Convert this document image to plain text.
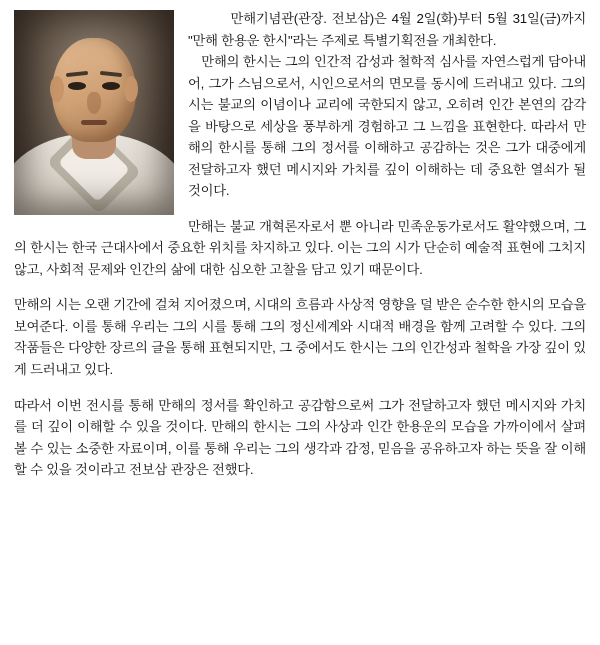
만해기념관(관장. 전보삼)은 4월 2일(화)부터 5월 31일(금)까지 "만해 한용운 한시"라는 주제로 특별기획전을 개최한다.

만해의 한시는 그의 인간적 감성과 철학적 심사를 자연스럽게 담아내어, 그가 스님으로서, 시인으로서의 면모를 동시에 드러내고 있다. 그의 시는 불교의 이념이나 교리에 국한되지 않고, 오히려 인간 본연의 감각을 바탕으로 세상을 풍부하게 경험하고 그 느낌을 표현한다. 따라서 만해의 한시를 통해 그의 정서를 이해하고 공감하는 것은 그가 대중에게 전달하고자 했던 메시지와 가치를 깊이 이해하는 데 중요한 열쇠가 될 것이다.

만해는 불교 개혁론자로서 뿐 아니라 민족운동가로서도 활약했으며, 그의 한시는 한국 근대사에서 중요한 위치를 차지하고 있다. 이는 그의 시가 단순히 예술적 표현에 그치지 않고, 사회적 문제와 인간의 삶에 대한 심오한 고찰을 담고 있기 때문이다.

만해의 시는 오랜 기간에 걸쳐 지어졌으며, 시대의 흐름과 사상적 영향을 덜 받은 순수한 한시의 모습을 보여준다. 이를 통해 우리는 그의 시를 통해 그의 정신세계와 시대적 배경을 함께 고려할 수 있다. 그의 작품들은 다양한 장르의 글을 통해 표현되지만, 그 중에서도 한시는 그의 인간성과 철학을 가장 깊이 있게 드러내고 있다.

따라서 이번 전시를 통해 만해의 정서를 확인하고 공감함으로써 그가 전달하고자 했던 메시지와 가치를 더 깊이 이해할 수 있을 것이다. 만해의 한시는 그의 사상과 인간 한용운의 모습을 가까이에서 살펴볼 수 있는 소중한 자료이며, 이를 통해 우리는 그의 생각과 감정, 믿음을 공유하고자 하는 뜻을 잘 이해할 수 있을 것이라고 전보삼 관장은 전했다.
